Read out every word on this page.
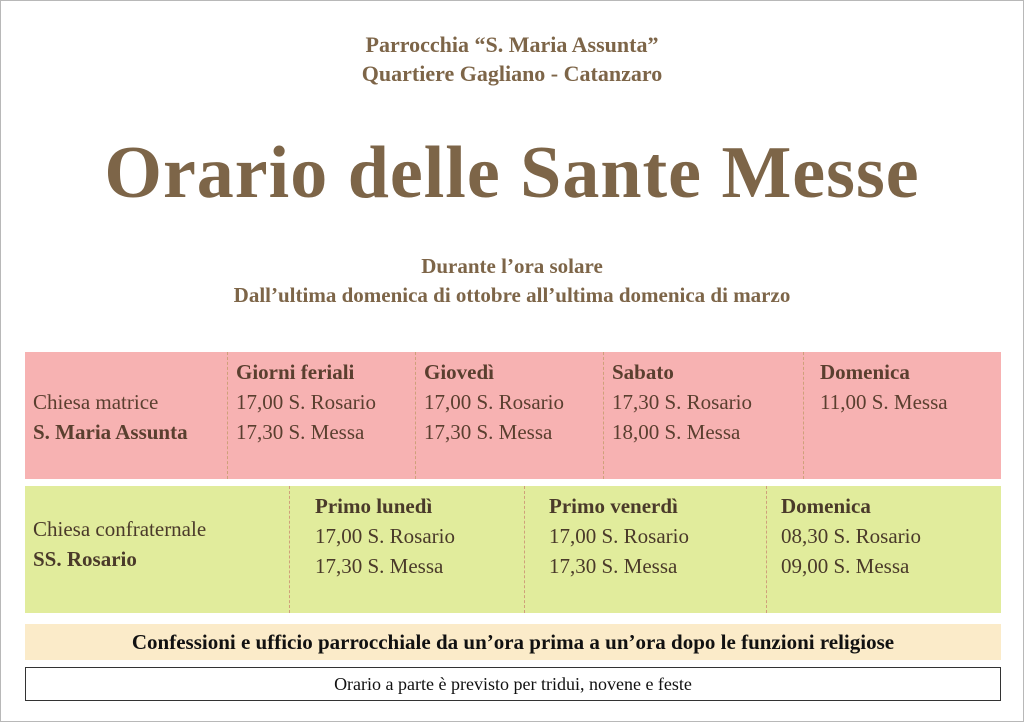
Parrocchia “S. Maria Assunta”
Quartiere Gagliano - Catanzaro
Orario delle Sante Messe
Durante l’ora solare
Dall’ultima domenica di ottobre all’ultima domenica di marzo
Chiesa matrice
S. Maria Assunta
Giorni feriali
17,00 S. Rosario
17,30 S. Messa
Giovedì
17,00 S. Rosario
17,30 S. Messa
Sabato
17,30 S. Rosario
18,00 S. Messa
Domenica
11,00 S. Messa
Chiesa confraternale
SS. Rosario
Primo lunedì
17,00 S. Rosario
17,30 S. Messa
Primo venerdì
17,00 S. Rosario
17,30 S. Messa
Domenica
08,30 S. Rosario
09,00 S. Messa
Confessioni e ufficio parrocchiale da un’ora prima a un’ora dopo le funzioni religiose
Orario a parte è previsto per tridui, novene e feste
